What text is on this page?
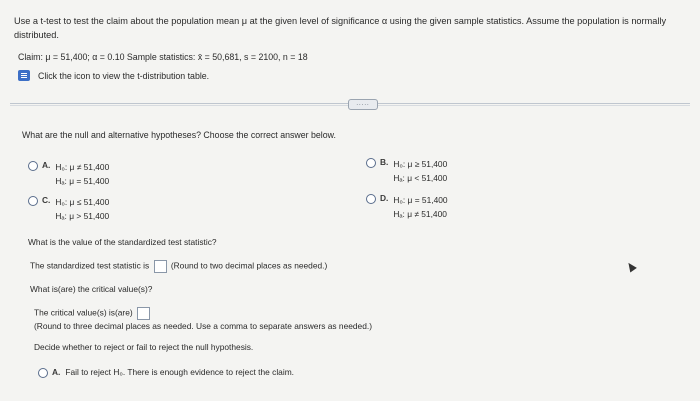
Use a t-test to test the claim about the population mean μ at the given level of significance α using the given sample statistics. Assume the population is normally distributed.
Claim: μ = 51,400; α = 0.10 Sample statistics: x̄ = 50,681, s = 2100, n = 18
Click the icon to view the t-distribution table.
.....
What are the null and alternative hypotheses? Choose the correct answer below.
A. H₀: μ ≠ 51,400
Hₐ: μ = 51,400
B. H₀: μ ≥ 51,400
Hₐ: μ < 51,400
C. H₀: μ ≤ 51,400
Hₐ: μ > 51,400
D. H₀: μ = 51,400
Hₐ: μ ≠ 51,400
What is the value of the standardized test statistic?
The standardized test statistic is	(Round to two decimal places as needed.)
What is(are) the critical value(s)?
The critical value(s) is(are)
(Round to three decimal places as needed. Use a comma to separate answers as needed.)
Decide whether to reject or fail to reject the null hypothesis.
A. Fail to reject H₀. There is enough evidence to reject the claim.
